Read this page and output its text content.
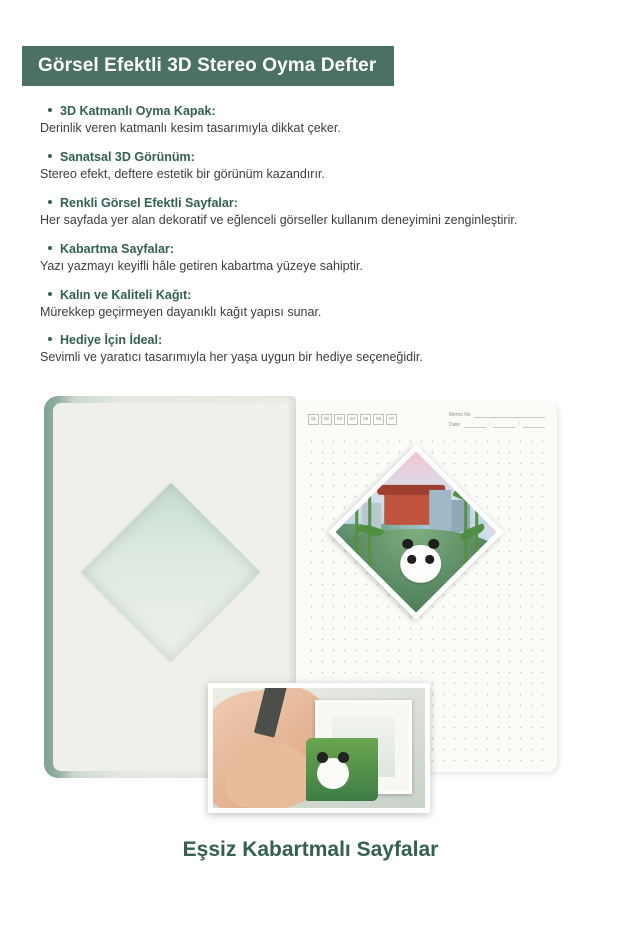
Görsel Efektli 3D Stereo Oyma Defter
3D Katmanlı Oyma Kapak:
Derinlik veren katmanlı kesim tasarımıyla dikkat çeker.
Sanatsal 3D Görünüm:
Stereo efekt, deftere estetik bir görünüm kazandırır.
Renkli Görsel Efektli Sayfalar:
Her sayfada yer alan dekoratif ve eğlenceli görseller kullanım deneyimini zenginleştirir.
Kabartma Sayfalar:
Yazı yazmayı keyifli hâle getiren kabartma yüzeye sahiptir.
Kalın ve Kaliteli Kağıt:
Mürekkep geçirmeyen dayanıklı kağıt yapısı sunar.
Hediye İçin İdeal:
Sevimli ve yaratıcı tasarımıyla her yaşa uygun bir hediye seçeneğidir.
01	02	03	04	05	06	07
Memo No
Date:	/	/
Eşsiz Kabartmalı Sayfalar
